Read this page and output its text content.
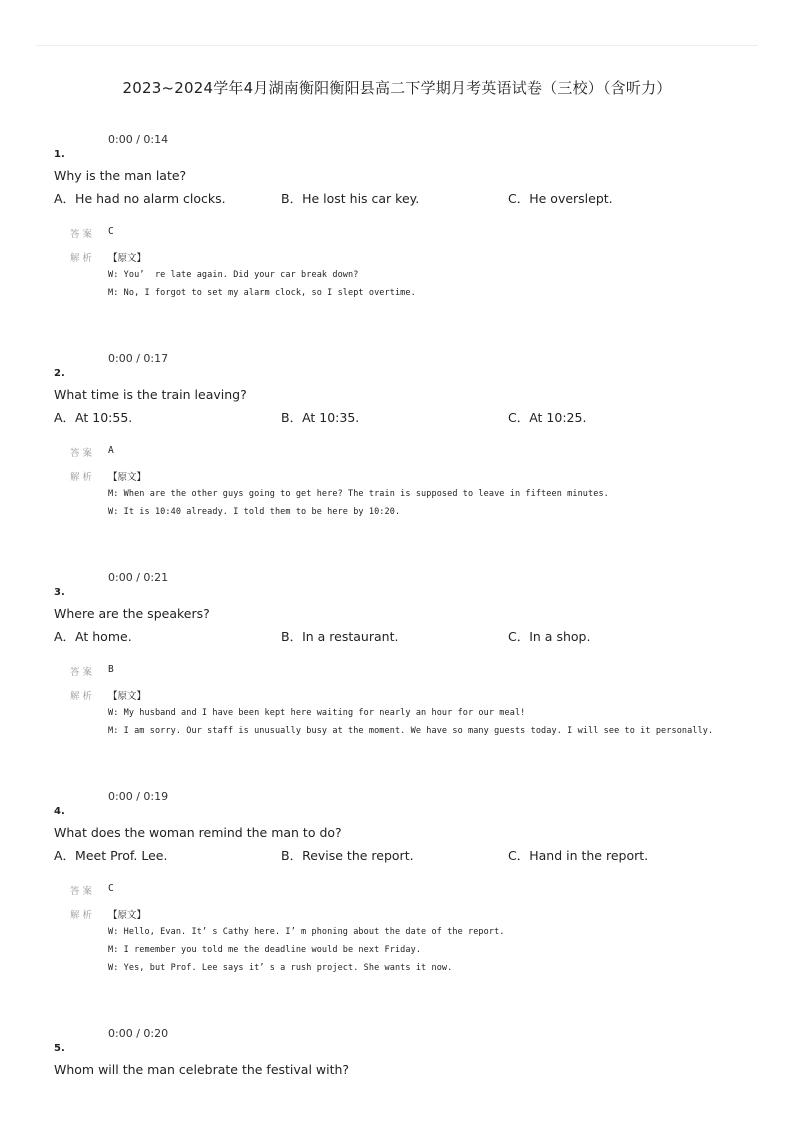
2023~2024学年4月湖南衡阳衡阳县高二下学期月考英语试卷（三校）（含听力）
0:00 / 0:14
1.
Why is the man late?
A．He had no alarm clocks.	B．He lost his car key.	C．He overslept.
答案 C
解析 【原文】
W: You’  re late again. Did your car break down?
M: No, I forgot to set my alarm clock, so I slept overtime.
0:00 / 0:17
2.
What time is the train leaving?
A．At 10:55.	B．At 10:35.	C．At 10:25.
答案 A
解析 【原文】
M: When are the other guys going to get here? The train is supposed to leave in fifteen minutes.
W: It is 10:40 already. I told them to be here by 10:20.
0:00 / 0:21
3.
Where are the speakers?
A．At home.	B．In a restaurant.	C．In a shop.
答案 B
解析 【原文】
W: My husband and I have been kept here waiting for nearly an hour for our meal!
M: I am sorry. Our staff is unusually busy at the moment. We have so many guests today. I will see to it personally.
0:00 / 0:19
4.
What does the woman remind the man to do?
A．Meet Prof. Lee.	B．Revise the report.	C．Hand in the report.
答案 C
解析 【原文】
W: Hello, Evan. It’ s Cathy here. I’ m phoning about the date of the report.
M: I remember you told me the deadline would be next Friday.
W: Yes, but Prof. Lee says it’ s a rush project. She wants it now.
0:00 / 0:20
5.
Whom will the man celebrate the festival with?
